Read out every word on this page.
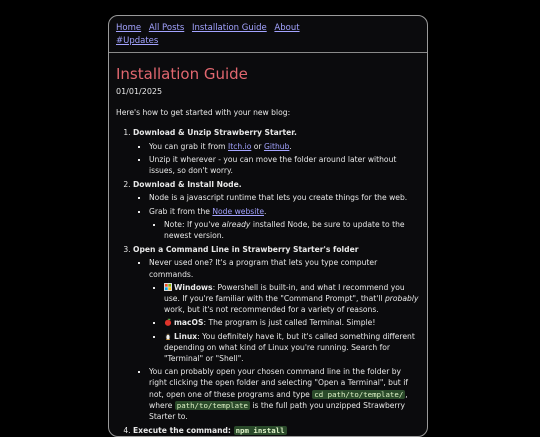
Home All Posts Installation Guide About
#Updates
Installation Guide
01/01/2025

Here's how to get started with your new blog:

1. Download & Unzip Strawberry Starter.
▪ You can grab it from Itch.io or Github.
▪ Unzip it wherever - you can move the folder around later without issues, so don't worry.
2. Download & Install Node.
▪ Node is a javascript runtime that lets you create things for the web.
▪ Grab it from the Node website.
▪ Note: If you've already installed Node, be sure to update to the newest version.
3. Open a Command Line in Strawberry Starter's folder
▪ Never used one? It's a program that lets you type computer commands.
▪ Windows: Powershell is built-in, and what I recommend you use. If you're familiar with the "Command Prompt", that'll probably work, but it's not recommended for a variety of reasons.
▪ macOS: The program is just called Terminal. Simple!
▪ Linux: You definitely have it, but it's called something different depending on what kind of Linux you're running. Search for "Terminal" or "Shell".
▪ You can probably open your chosen command line in the folder by right clicking the open folder and selecting "Open a Terminal", but if not, open one of these programs and type cd path/to/template/ , where path/to/template is the full path you unzipped Strawberry Starter to.
4. Execute the command: npm install
